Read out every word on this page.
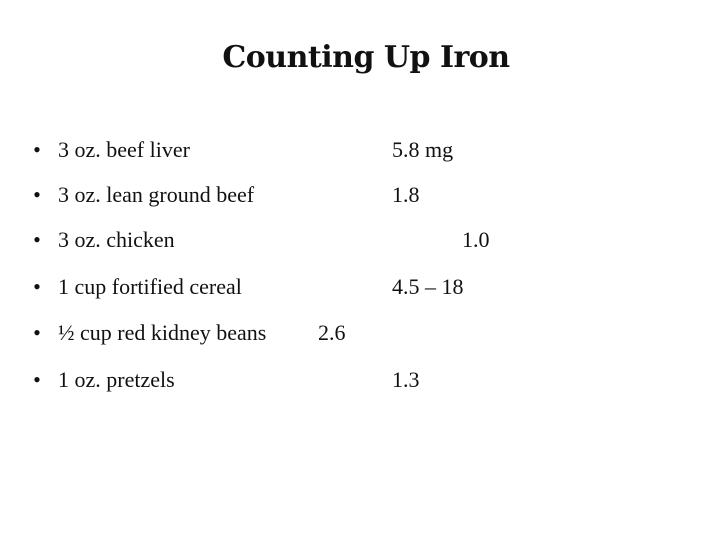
Counting Up Iron
• 3 oz. beef liver	5.8 mg
• 3 oz. lean ground beef	1.8
• 3 oz. chicken	1.0
• 1 cup fortified cereal	4.5 – 18
• ½ cup red kidney beans 2.6
• 1 oz. pretzels	1.3
